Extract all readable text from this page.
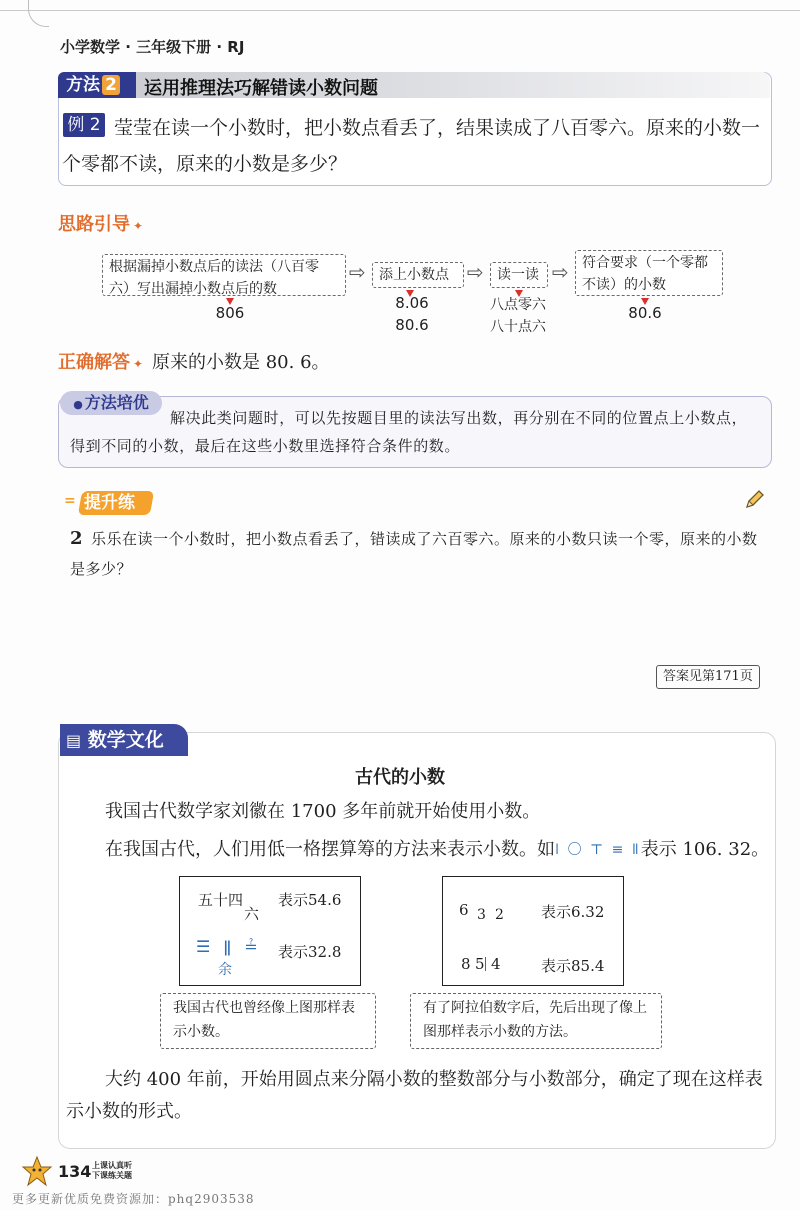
小学数学 · 三年级下册 · RJ
方法 2	运用推理法巧解错读小数问题
莹莹在读一个小数时，把小数点看丢了，结果读成了八百零六。原来的小数一个零都不读，原来的小数是多少？
例 2
思路引导 ✦
根据漏掉小数点后的读法（八百零六）写出漏掉小数点后的数
⇨ 添上小数点 ⇨ 读一读 ⇨ 符合要求（一个零都不读）的小数
806
8.06
80.6
八点零六
八十点六
80.6
正确解答 ✦ 原来的小数是 80. 6。
● 方法培优
解决此类问题时，可以先按题目里的读法写出数，再分别在不同的位置点上小数点，得到不同的小数，最后在这些小数里选择符合条件的数。
= 提升练
2 乐乐在读一个小数时，把小数点看丢了，错读成了六百零六。原来的小数只读一个零，原来的小数是多少？
答案见第171页
▤ 数学文化
古代的小数
我国古代数学家刘徽在 1700 多年前就开始使用小数。
在我国古代，人们用低一格摆算筹的方法来表示小数。如ǀ 〇 ⊤ ≡ ǁ表示 106. 32。
五十四
六
表示54.6
☰ ǁ ≟
余
表示32.8
6 3 2 表示6.32
8 5 4	表示85.4
我国古代也曾经像上图那样表示小数。
有了阿拉伯数字后，先后出现了像上图那样表示小数的方法。
大约 400 年前，开始用圆点来分隔小数的整数部分与小数部分，确定了现在这样表示小数的形式。
134 上课认真听
下课练关题
更多更新优质免费资源加：phq2903538
